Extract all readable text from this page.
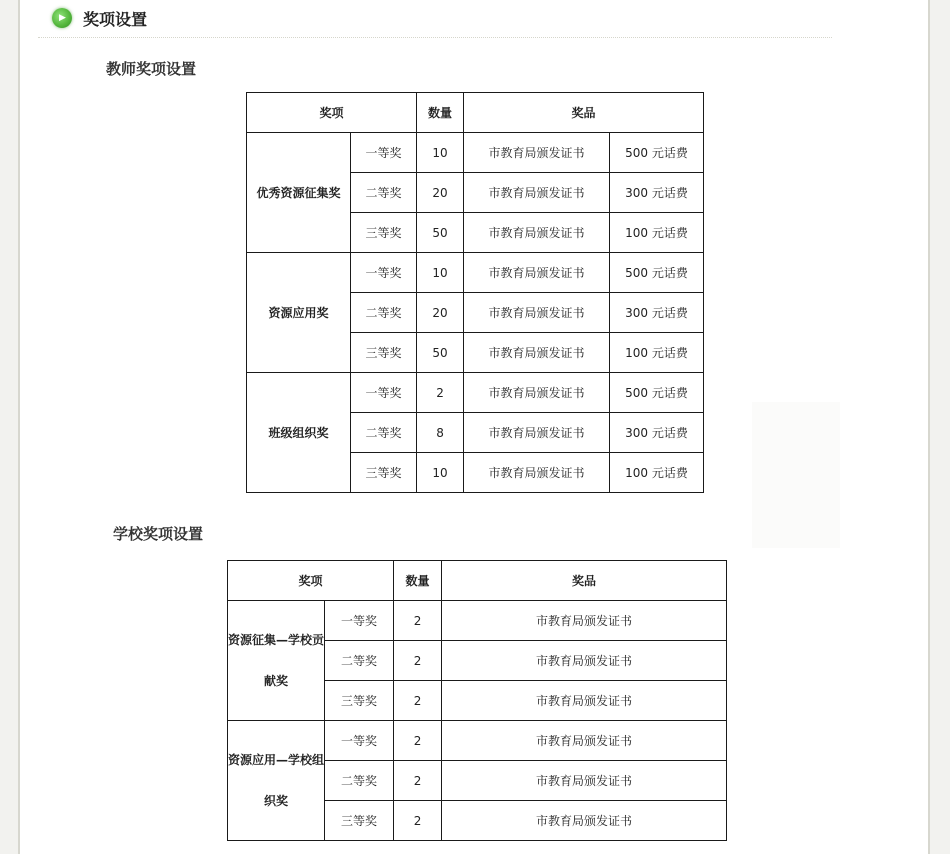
▶ 奖项设置
教师奖项设置
奖项		数量	奖品	
优秀资源征集奖	一等奖	10	市教育局颁发证书	500 元话费
	二等奖	20	市教育局颁发证书	300 元话费
	三等奖	50	市教育局颁发证书	100 元话费
资源应用奖	一等奖	10	市教育局颁发证书	500 元话费
	二等奖	20	市教育局颁发证书	300 元话费
	三等奖	50	市教育局颁发证书	100 元话费
班级组织奖	一等奖	2	市教育局颁发证书	500 元话费
	二等奖	8	市教育局颁发证书	300 元话费
	三等奖	10	市教育局颁发证书	100 元话费
学校奖项设置
奖项		数量	奖品
资源征集—学校贡献奖	一等奖	2	市教育局颁发证书
	二等奖	2	市教育局颁发证书
	三等奖	2	市教育局颁发证书
资源应用—学校组织奖	一等奖	2	市教育局颁发证书
	二等奖	2	市教育局颁发证书
	三等奖	2	市教育局颁发证书
